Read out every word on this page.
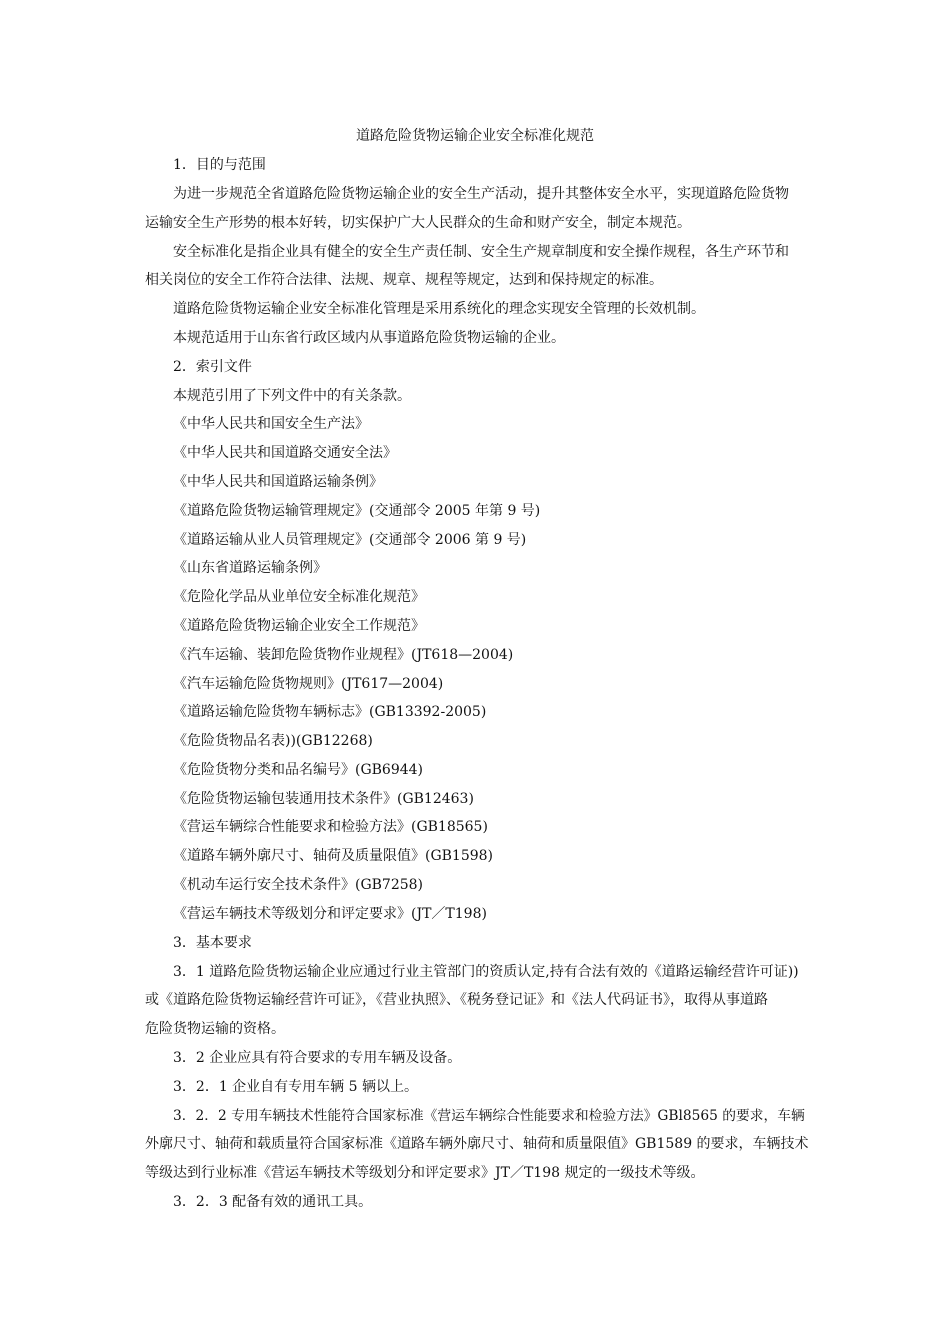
道路危险货物运输企业安全标准化规范
1．目的与范围
为进一步规范全省道路危险货物运输企业的安全生产活动，提升其整体安全水平，实现道路危险货物
运输安全生产形势的根本好转，切实保护广大人民群众的生命和财产安全，制定本规范。
安全标准化是指企业具有健全的安全生产责任制、安全生产规章制度和安全操作规程，各生产环节和
相关岗位的安全工作符合法律、法规、规章、规程等规定，达到和保持规定的标准。
道路危险货物运输企业安全标准化管理是采用系统化的理念实现安全管理的长效机制。
本规范适用于山东省行政区域内从事道路危险货物运输的企业。
2．索引文件
本规范引用了下列文件中的有关条款。
《中华人民共和国安全生产法》
《中华人民共和国道路交通安全法》
《中华人民共和国道路运输条例》
《道路危险货物运输管理规定》(交通部令 2005 年第 9 号)
《道路运输从业人员管理规定》(交通部令 2006 第 9 号)
《山东省道路运输条例》
《危险化学品从业单位安全标准化规范》
《道路危险货物运输企业安全工作规范》
《汽车运输、装卸危险货物作业规程》(JT618—2004)
《汽车运输危险货物规则》(JT617—2004)
《道路运输危险货物车辆标志》(GB13392-2005)
《危险货物品名表))(GB12268)
《危险货物分类和品名编号》(GB6944)
《危险货物运输包装通用技术条件》(GB12463)
《营运车辆综合性能要求和检验方法》(GB18565)
《道路车辆外廓尺寸、轴荷及质量限值》(GB1598)
《机动车运行安全技术条件》(GB7258)
《营运车辆技术等级划分和评定要求》(JT／T198)
3．基本要求
3．1 道路危险货物运输企业应通过行业主管部门的资质认定,持有合法有效的《道路运输经营许可证))
或《道路危险货物运输经营许可证》，《营业执照》、《税务登记证》和《法人代码证书》，取得从事道路
危险货物运输的资格。
3．2 企业应具有符合要求的专用车辆及设备。
3．2．1 企业自有专用车辆 5 辆以上。
3．2．2 专用车辆技术性能符合国家标准《营运车辆综合性能要求和检验方法》GBl8565 的要求，车辆
外廓尺寸、轴荷和载质量符合国家标准《道路车辆外廓尺寸、轴荷和质量限值》GB1589 的要求，车辆技术
等级达到行业标准《营运车辆技术等级划分和评定要求》JT／T198 规定的一级技术等级。
3．2．3 配备有效的通讯工具。
